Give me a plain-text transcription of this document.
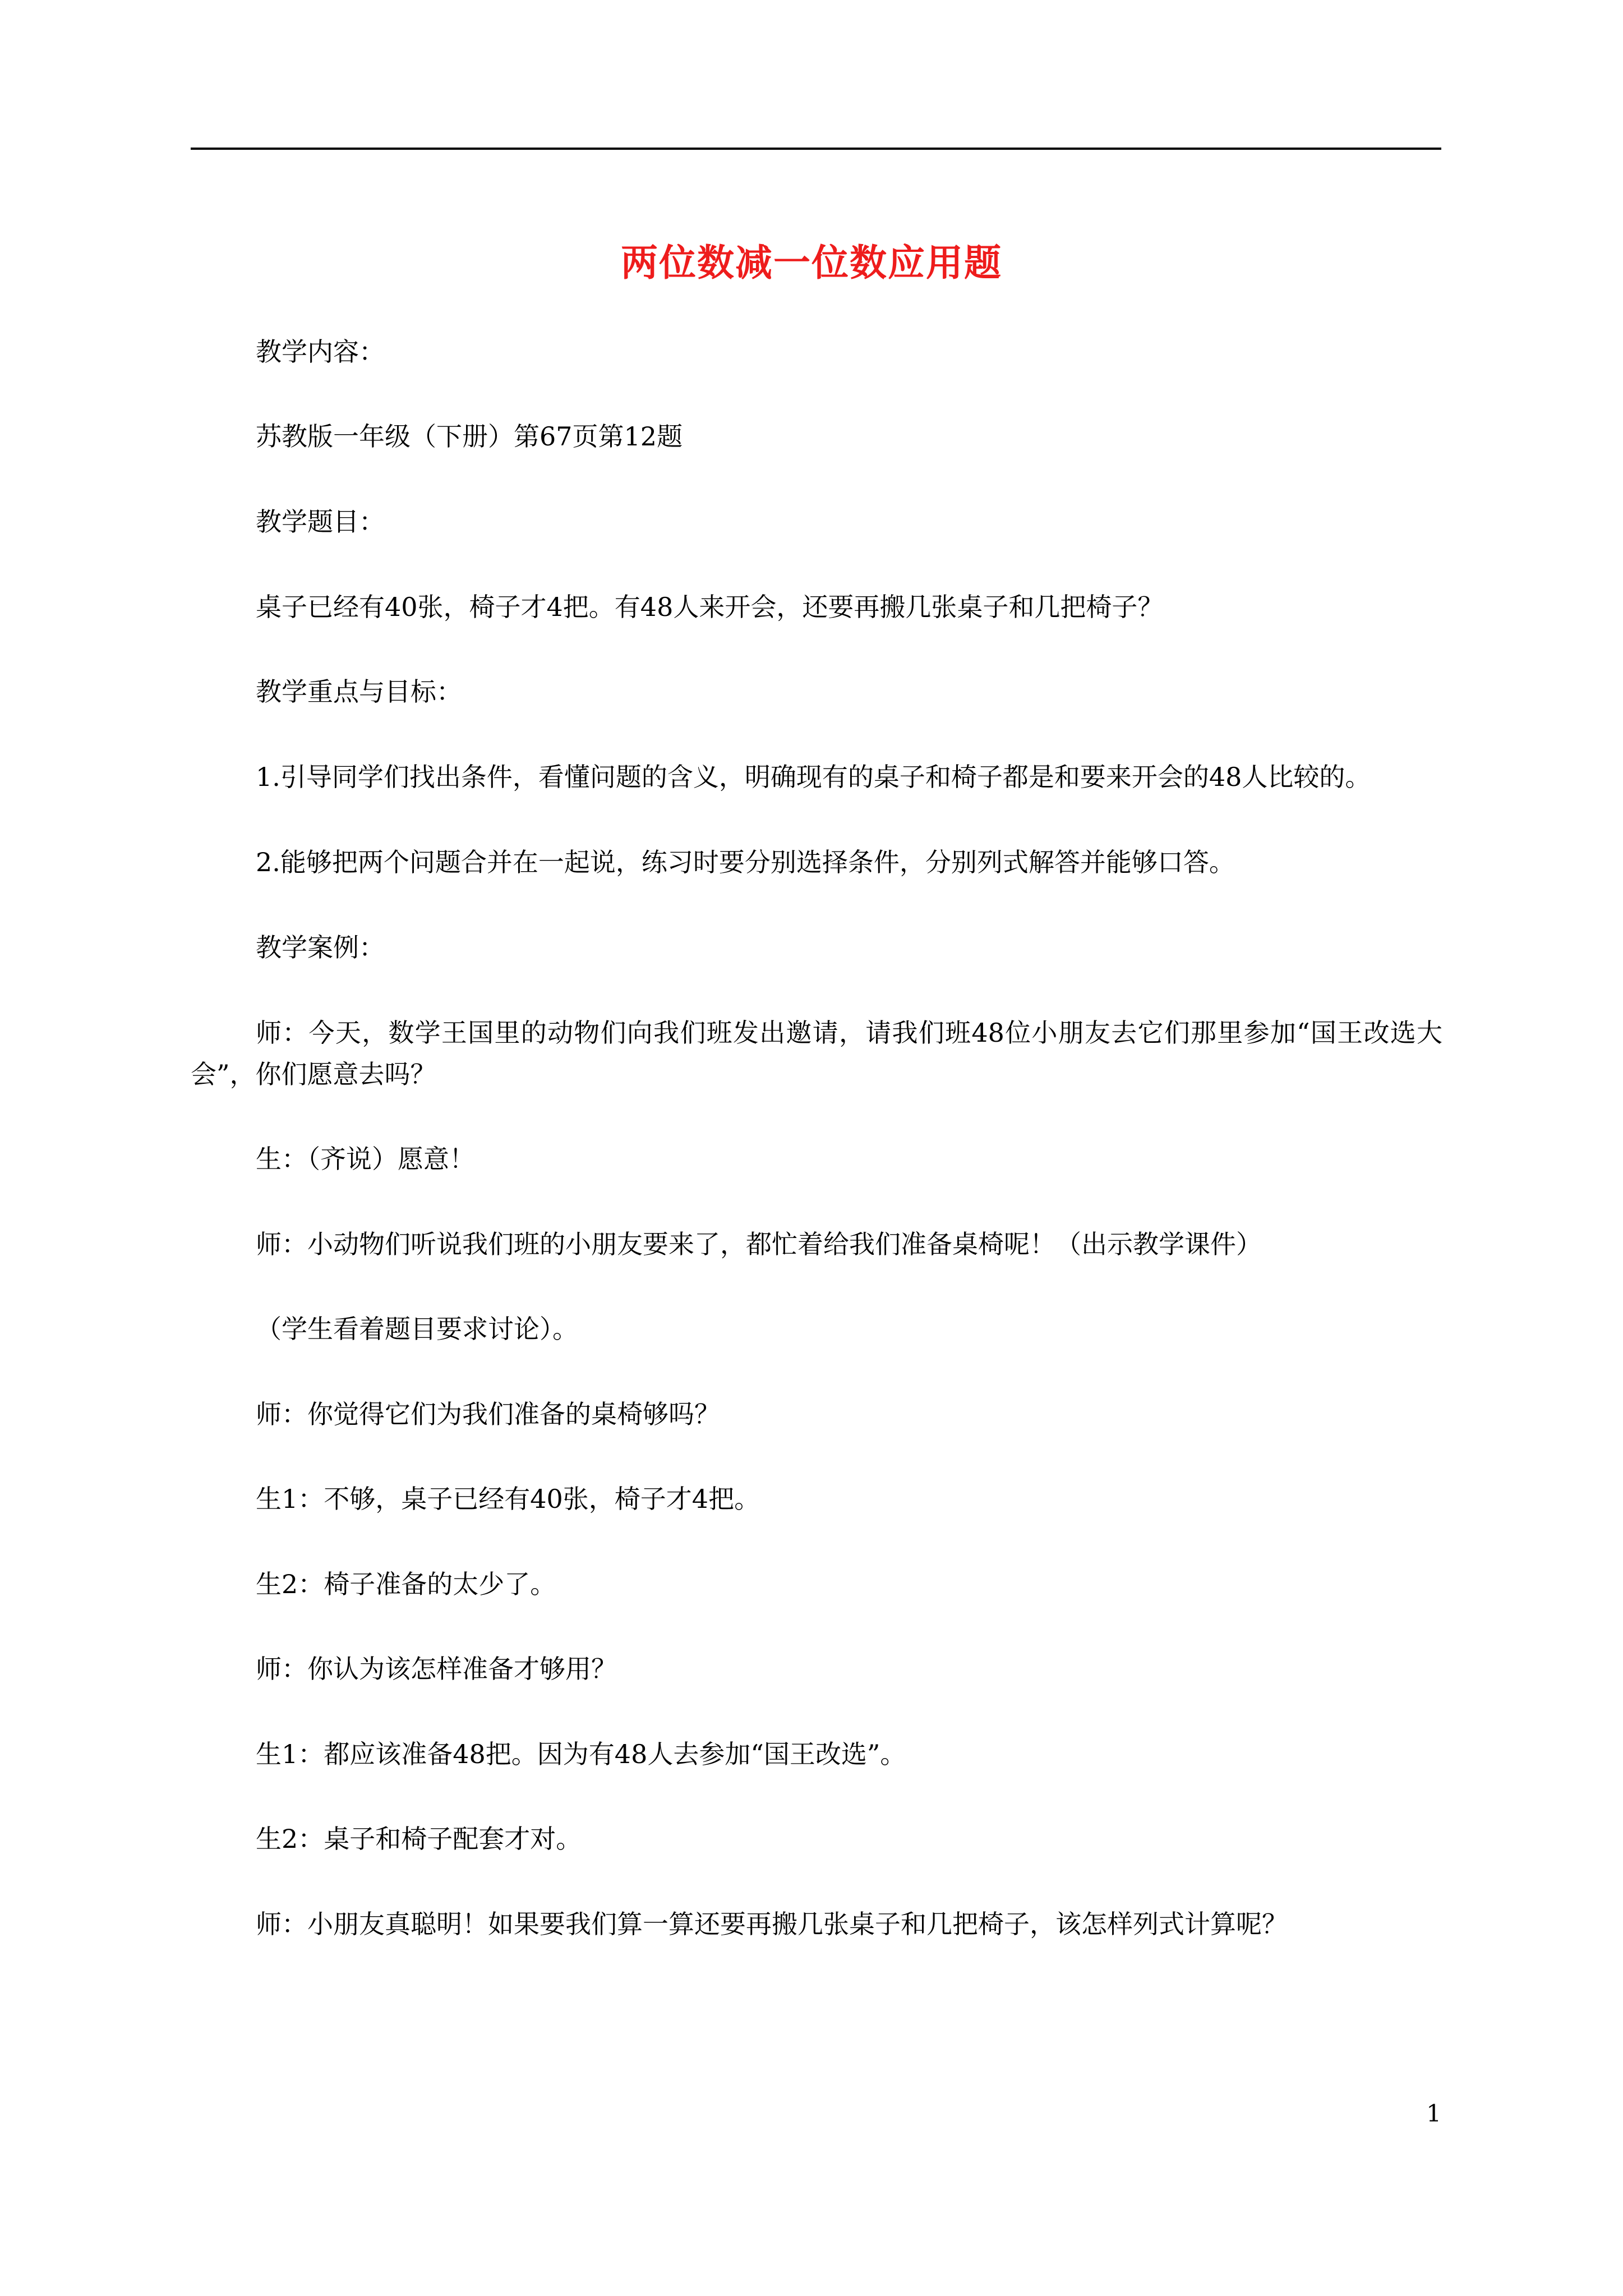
两位数减一位数应用题

教学内容：

苏教版一年级（下册）第67页第12题

教学题目：

桌子已经有40张，椅子才4把。有48人来开会，还要再搬几张桌子和几把椅子？

教学重点与目标：

1.引导同学们找出条件，看懂问题的含义，明确现有的桌子和椅子都是和要来开会的48人比较的。

2.能够把两个问题合并在一起说，练习时要分别选择条件，分别列式解答并能够口答。

教学案例：

师：今天，数学王国里的动物们向我们班发出邀请，请我们班48位小朋友去它们那里参加“国王改选大会”，你们愿意去吗？

生：（齐说）愿意！

师：小动物们听说我们班的小朋友要来了，都忙着给我们准备桌椅呢！（出示教学课件）

（学生看着题目要求讨论）。

师：你觉得它们为我们准备的桌椅够吗？

生1：不够，桌子已经有40张，椅子才4把。

生2：椅子准备的太少了。

师：你认为该怎样准备才够用？

生1：都应该准备48把。因为有48人去参加“国王改选”。

生2：桌子和椅子配套才对。

师：小朋友真聪明！如果要我们算一算还要再搬几张桌子和几把椅子，该怎样列式计算呢？

1
